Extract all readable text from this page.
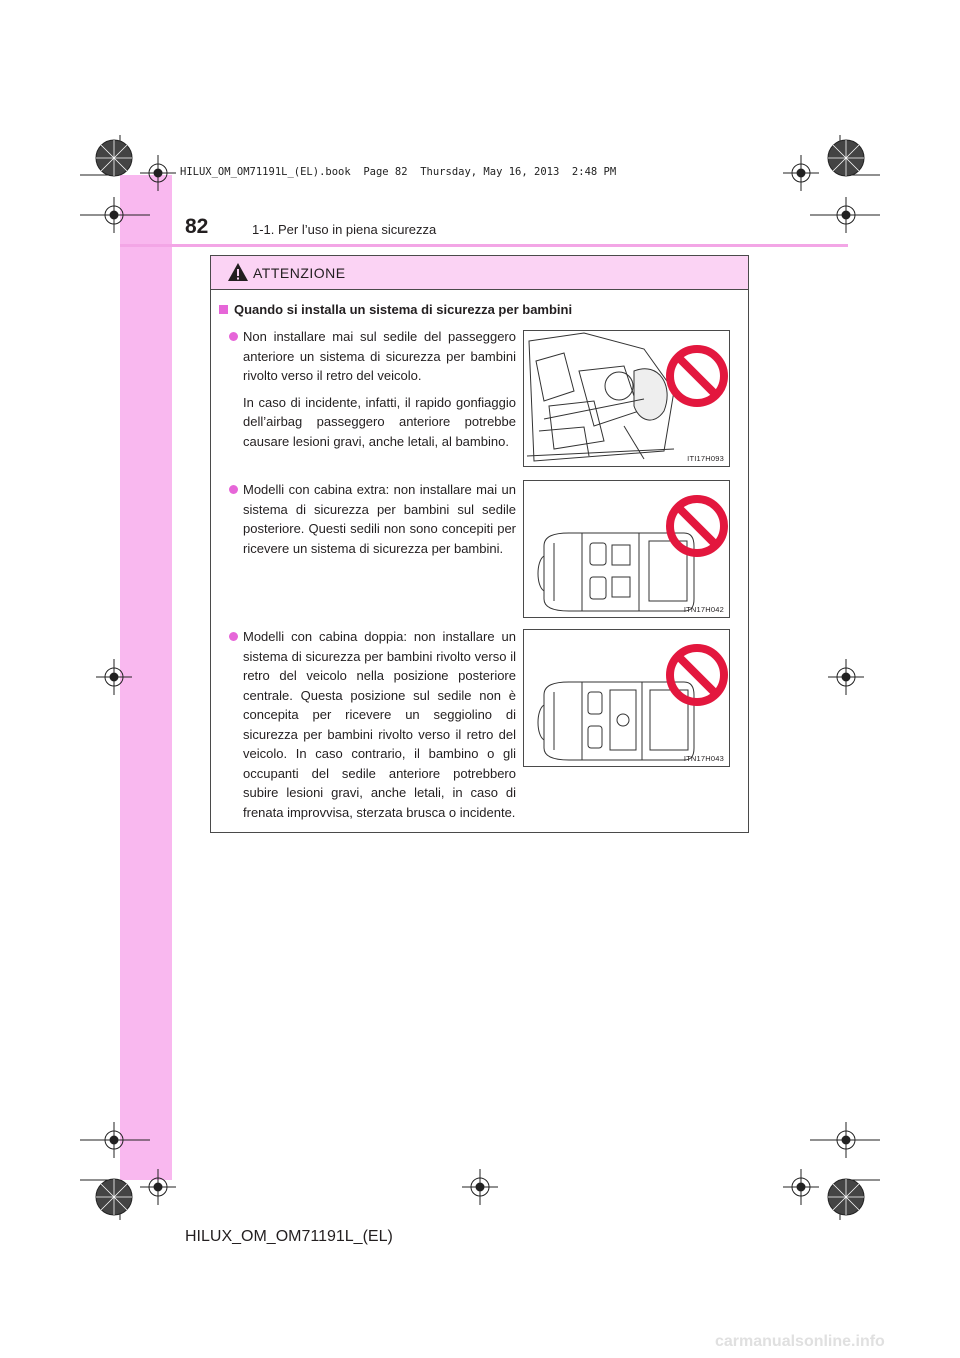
HILUX_OM_OM71191L_(EL).book  Page 82  Thursday, May 16, 2013  2:48 PM
82	1-1. Per l’uso in piena sicurezza
ATTENZIONE
Quando si installa un sistema di sicurezza per bambini

Non installare mai sul sedile del passeggero anteriore un sistema di sicurezza per bambini rivolto verso il retro del veicolo.

In caso di incidente, infatti, il rapido gonfiaggio dell’airbag passeggero anteriore potrebbe causare lesioni gravi, anche letali, al bambino.

ITI17H093

Modelli con cabina extra: non installare mai un sistema di sicurezza per bambini sul sedile posteriore. Questi sedili non sono concepiti per ricevere un sistema di sicurezza per bambini.

ITN17H042

Modelli con cabina doppia: non installare un sistema di sicurezza per bambini rivolto verso il retro del veicolo nella posizione posteriore centrale. Questa posizione sul sedile non è concepita per ricevere un seggiolino di sicurezza per bambini rivolto verso il retro del veicolo. In caso contrario, il bambino o gli occupanti del sedile anteriore potrebbero subire lesioni gravi, anche letali, in caso di frenata improvvisa, sterzata brusca o incidente.

ITN17H043
HILUX_OM_OM71191L_(EL)
carmanualsonline.info
